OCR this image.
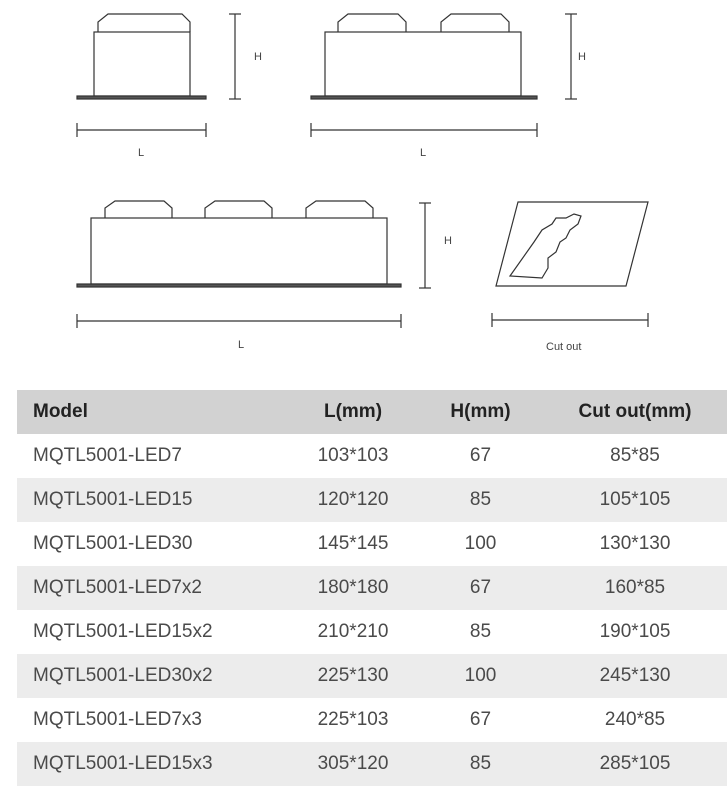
H
L
H
L
H
L	Cut out
Model	L(mm)	H(mm)	Cut out(mm)
MQTL5001-LED7	103*103	67	85*85
MQTL5001-LED15	120*120	85	105*105
MQTL5001-LED30	145*145	100	130*130
MQTL5001-LED7x2	180*180	67	160*85
MQTL5001-LED15x2	210*210	85	190*105
MQTL5001-LED30x2	225*130	100	245*130
MQTL5001-LED7x3	225*103	67	240*85
MQTL5001-LED15x3	305*120	85	285*105
